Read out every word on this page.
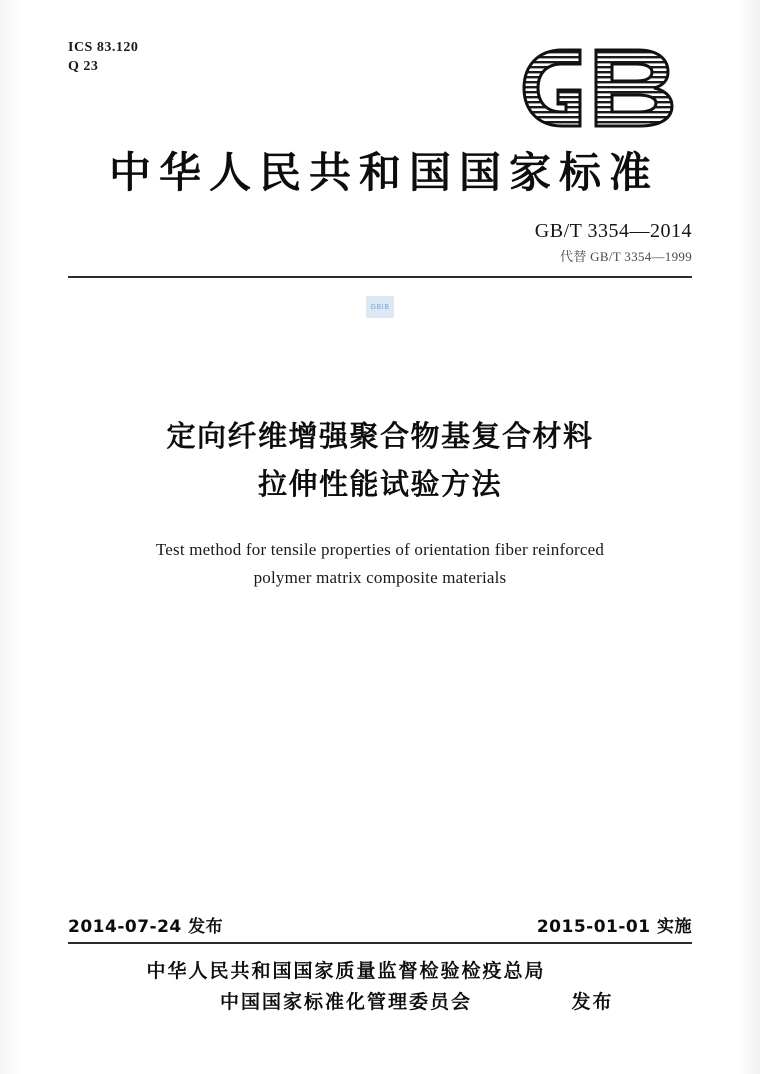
ICS 83.120
Q 23
中华人民共和国国家标准
GB/T 3354—2014
代替 GB/T 3354—1999
GBIB
定向纤维增强聚合物基复合材料
拉伸性能试验方法
Test method for tensile properties of orientation fiber reinforced
polymer matrix composite materials
2014-07-24 发布	2015-01-01 实施
中华人民共和国国家质量监督检验检疫总局
中国国家标准化管理委员会	发布
